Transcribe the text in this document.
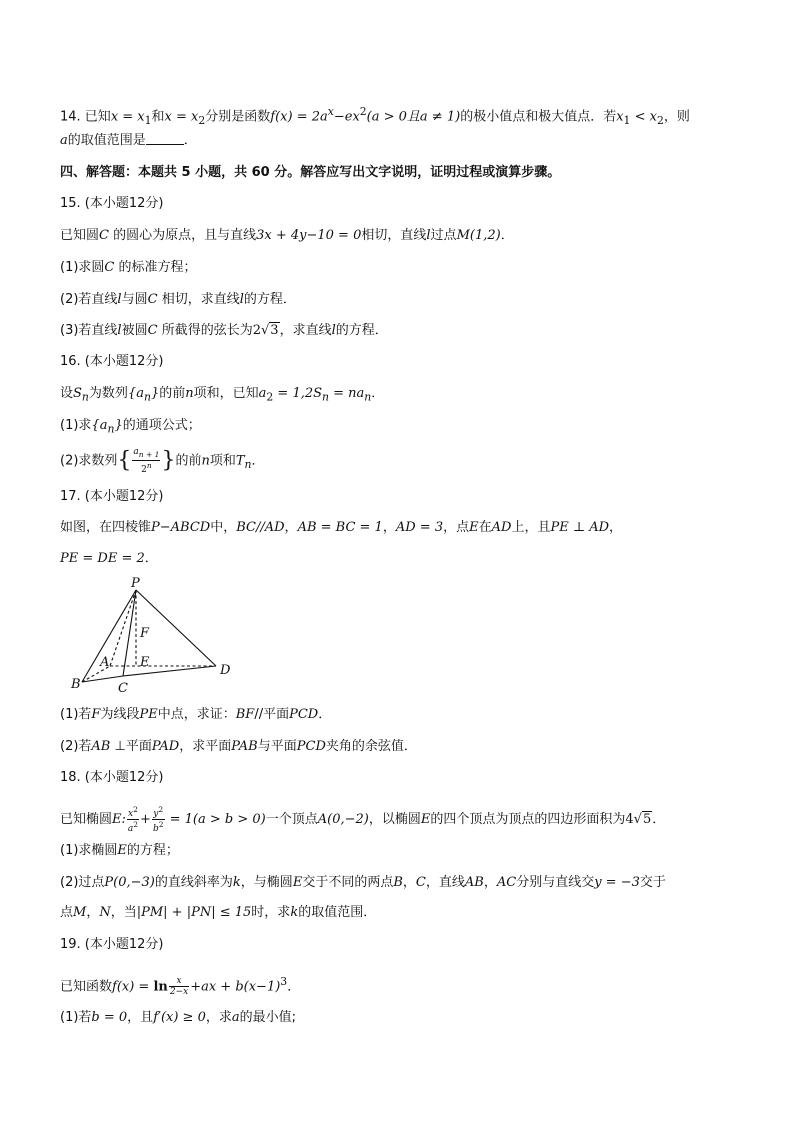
14. 已知$x = x_1$和$x = x_2$分别是函数$f(x) = 2a^x-ex^2(a > 0$且a ≠ 1)的极小值点和极大值点．若$x_1 < x_2$，则
a的取值范围是	．
四、解答题：本题共 5 小题，共 60 分。解答应写出文字说明，证明过程或演算步骤。
15. (本小题12分)
已知圆C 的圆心为原点，且与直线3x + 4y−10 = 0相切，直线l过点M(1,2)．
(1)求圆C 的标准方程；
(2)若直线l与圆C 相切，求直线l的方程．
(3)若直线l被圆C 所截得的弦长为2√3，求直线l的方程．
16. (本小题12分)
设$S_n$为数列$\{a_n\}$的前n项和，已知$a_2 = 1,2S_n = na_n$．
(1)求$\{a_n\}$的通项公式；
(2)求数列{ $\frac{a_{n + 1}}{2^n}$ }的前n项和$T_n$．
17. (本小题12分)
如图，在四棱锥P−ABCD中，BC//AD，AB = BC = 1，AD = 3，点E在AD上，且PE ⊥ AD，
PE = DE = 2．
P
F
A E
D
B	C
(1)若F为线段PE中点，求证：BF//平面PCD．
(2)若AB ⊥平面PAD，求平面PAB与平面PCD夹角的余弦值．
18. (本小题12分)
已知椭圆E: $\frac{x^2}{a^2} + \frac{y^2}{b^2} = 1(a > b > 0)$一个顶点A(0,−2)，以椭圆E的四个顶点为顶点的四边形面积为4√5．
(1)求椭圆E的方程；
(2)过点P(0,−3)的直线斜率为k，与椭圆E交于不同的两点B，C，直线AB，AC分别与直线交y = −3交于
点M，N，当|PM| + |PN| ≤ 15时，求k的取值范围．
19. (本小题12分)
已知函数$f(x) = \ln \frac{x}{2-x} +ax + b(x-1)^3$．
(1)若b = 0，且f′(x) ≥ 0，求a的最小值;
